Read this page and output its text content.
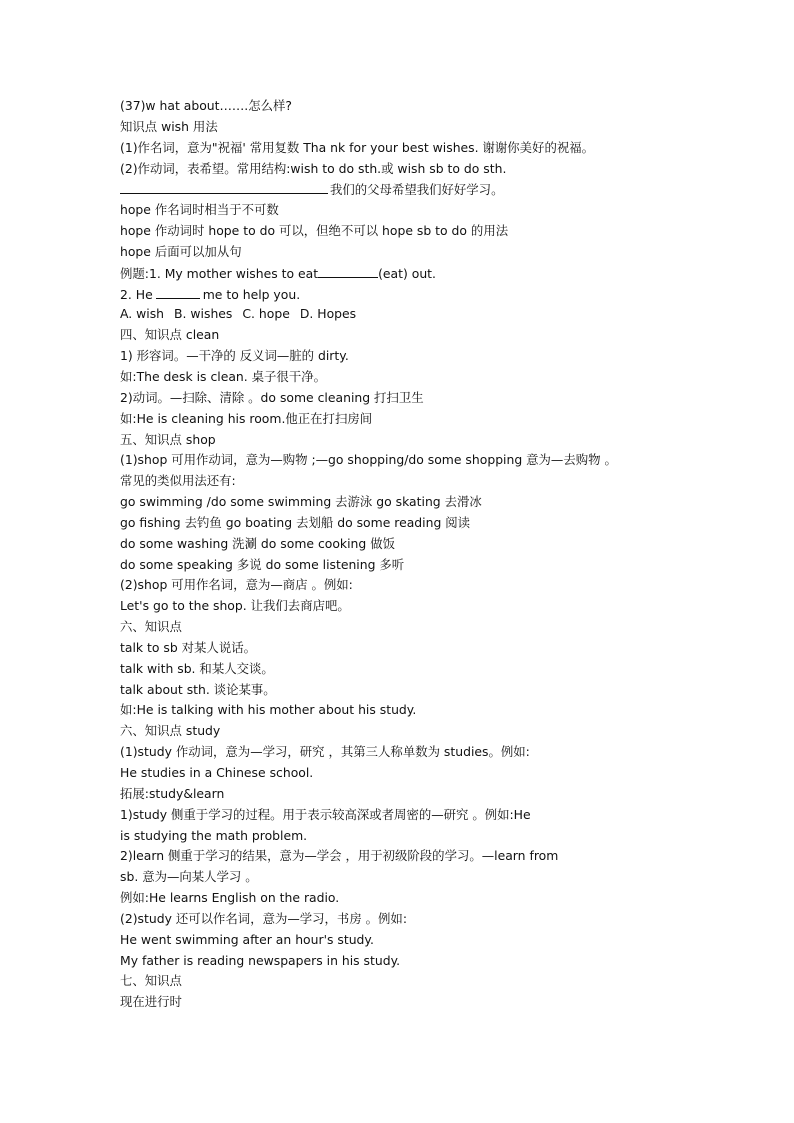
(37)w hat about…….怎么样?
知识点 wish 用法
(1)作名词，意为"祝福' 常用复数 Tha nk for your best wishes. 谢谢你美好的祝福。
(2)作动词，表希望。常用结构:wish to do sth.或 wish sb to do sth.
我们的父母希望我们好好学习。
hope 作名词时相当于不可数
hope 作动词时 hope to do 可以，但绝不可以 hope sb to do 的用法
hope 后面可以加从句
例题:1. My mother wishes to eat	(eat) out.
2. He	me to help you.
A. wish B. wishes C. hope D. Hopes
四、知识点 clean
1) 形容词。—干净的 反义词—脏的 dirty.
如:The desk is clean. 桌子很干净。
2)动词。—扫除、清除 。do some cleaning 打扫卫生
如:He is cleaning his room.他正在打扫房间
五、知识点 shop
(1)shop 可用作动词，意为—购物 ;—go shopping/do some shopping 意为—去购物 。
常见的类似用法还有:
go swimming /do some swimming 去游泳 go skating 去滑冰
go fishing 去钓鱼 go boating 去划船 do some reading 阅读
do some washing 洗涮 do some cooking 做饭
do some speaking 多说 do some listening 多听
(2)shop 可用作名词，意为—商店 。例如:
Let's go to the shop. 让我们去商店吧。
六、知识点
talk to sb 对某人说话。
talk with sb. 和某人交谈。
talk about sth. 谈论某事。
如:He is talking with his mother about his study.
六、知识点 study
(1)study 作动词，意为—学习，研究 ，其第三人称单数为 studies。例如:
He studies in a Chinese school.
拓展:study&learn
1)study 侧重于学习的过程。用于表示较高深或者周密的—研究 。例如:He
is studying the math problem.
2)learn 侧重于学习的结果，意为—学会 ，用于初级阶段的学习。—learn from
sb. 意为—向某人学习 。
例如:He learns English on the radio.
(2)study 还可以作名词，意为—学习，书房 。例如:
He went swimming after an hour's study.
My father is reading newspapers in his study.
七、知识点
现在进行时
